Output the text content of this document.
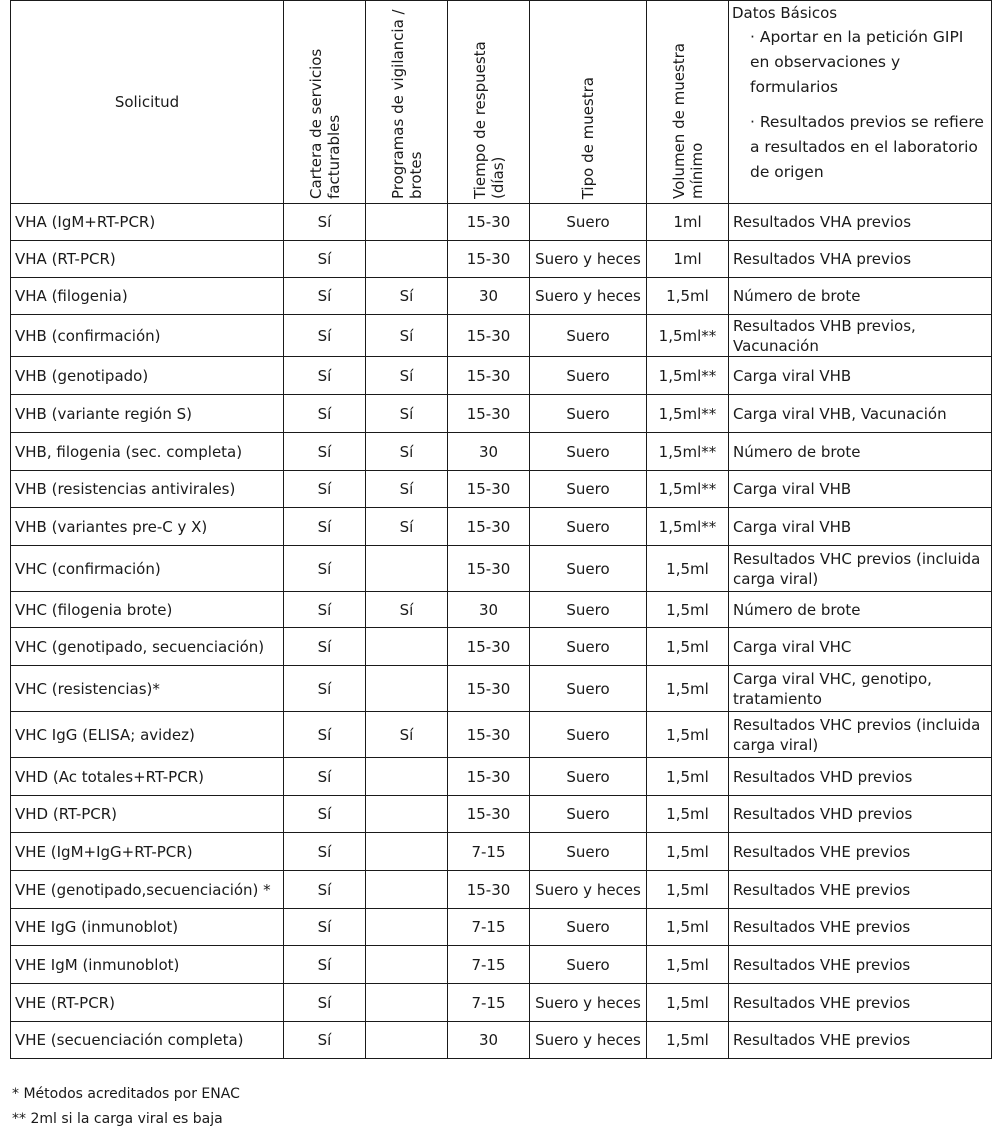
Solicitud	Cartera de servicios facturables	Programas de vigilancia / brotes	Tiempo de respuesta (días)	Tipo de muestra	Volumen de muestra mínimo	Datos Básicos
· Aportar en la petición GIPI en observaciones y formularios
· Resultados previos se refiere a resultados en el laboratorio de origen

VHA (IgM+RT-PCR)	Sí		15-30	Suero	1ml	Resultados VHA previos
VHA (RT-PCR)	Sí		15-30	Suero y heces	1ml	Resultados VHA previos
VHA (filogenia)	Sí	Sí	30	Suero y heces	1,5ml	Número de brote
VHB (confirmación)	Sí	Sí	15-30	Suero	1,5ml**	Resultados VHB previos, Vacunación
VHB (genotipado)	Sí	Sí	15-30	Suero	1,5ml**	Carga viral VHB
VHB (variante región S)	Sí	Sí	15-30	Suero	1,5ml**	Carga viral VHB, Vacunación
VHB, filogenia (sec. completa)	Sí	Sí	30	Suero	1,5ml**	Número de brote
VHB (resistencias antivirales)	Sí	Sí	15-30	Suero	1,5ml**	Carga viral VHB
VHB (variantes pre-C y X)	Sí	Sí	15-30	Suero	1,5ml**	Carga viral VHB
VHC (confirmación)	Sí		15-30	Suero	1,5ml	Resultados VHC previos (incluida carga viral)
VHC (filogenia brote)	Sí	Sí	30	Suero	1,5ml	Número de brote
VHC (genotipado, secuenciación)	Sí		15-30	Suero	1,5ml	Carga viral VHC
VHC (resistencias)*	Sí		15-30	Suero	1,5ml	Carga viral VHC, genotipo, tratamiento
VHC IgG (ELISA; avidez)	Sí	Sí	15-30	Suero	1,5ml	Resultados VHC previos (incluida carga viral)
VHD (Ac totales+RT-PCR)	Sí		15-30	Suero	1,5ml	Resultados VHD previos
VHD (RT-PCR)	Sí		15-30	Suero	1,5ml	Resultados VHD previos
VHE (IgM+IgG+RT-PCR)	Sí		7-15	Suero	1,5ml	Resultados VHE previos
VHE (genotipado,secuenciación) *	Sí		15-30	Suero y heces	1,5ml	Resultados VHE previos
VHE IgG (inmunoblot)	Sí		7-15	Suero	1,5ml	Resultados VHE previos
VHE IgM (inmunoblot)	Sí		7-15	Suero	1,5ml	Resultados VHE previos
VHE (RT-PCR)	Sí		7-15	Suero y heces	1,5ml	Resultados VHE previos
VHE (secuenciación completa)	Sí		30	Suero y heces	1,5ml	Resultados VHE previos
* Métodos acreditados por ENAC
** 2ml si la carga viral es baja
